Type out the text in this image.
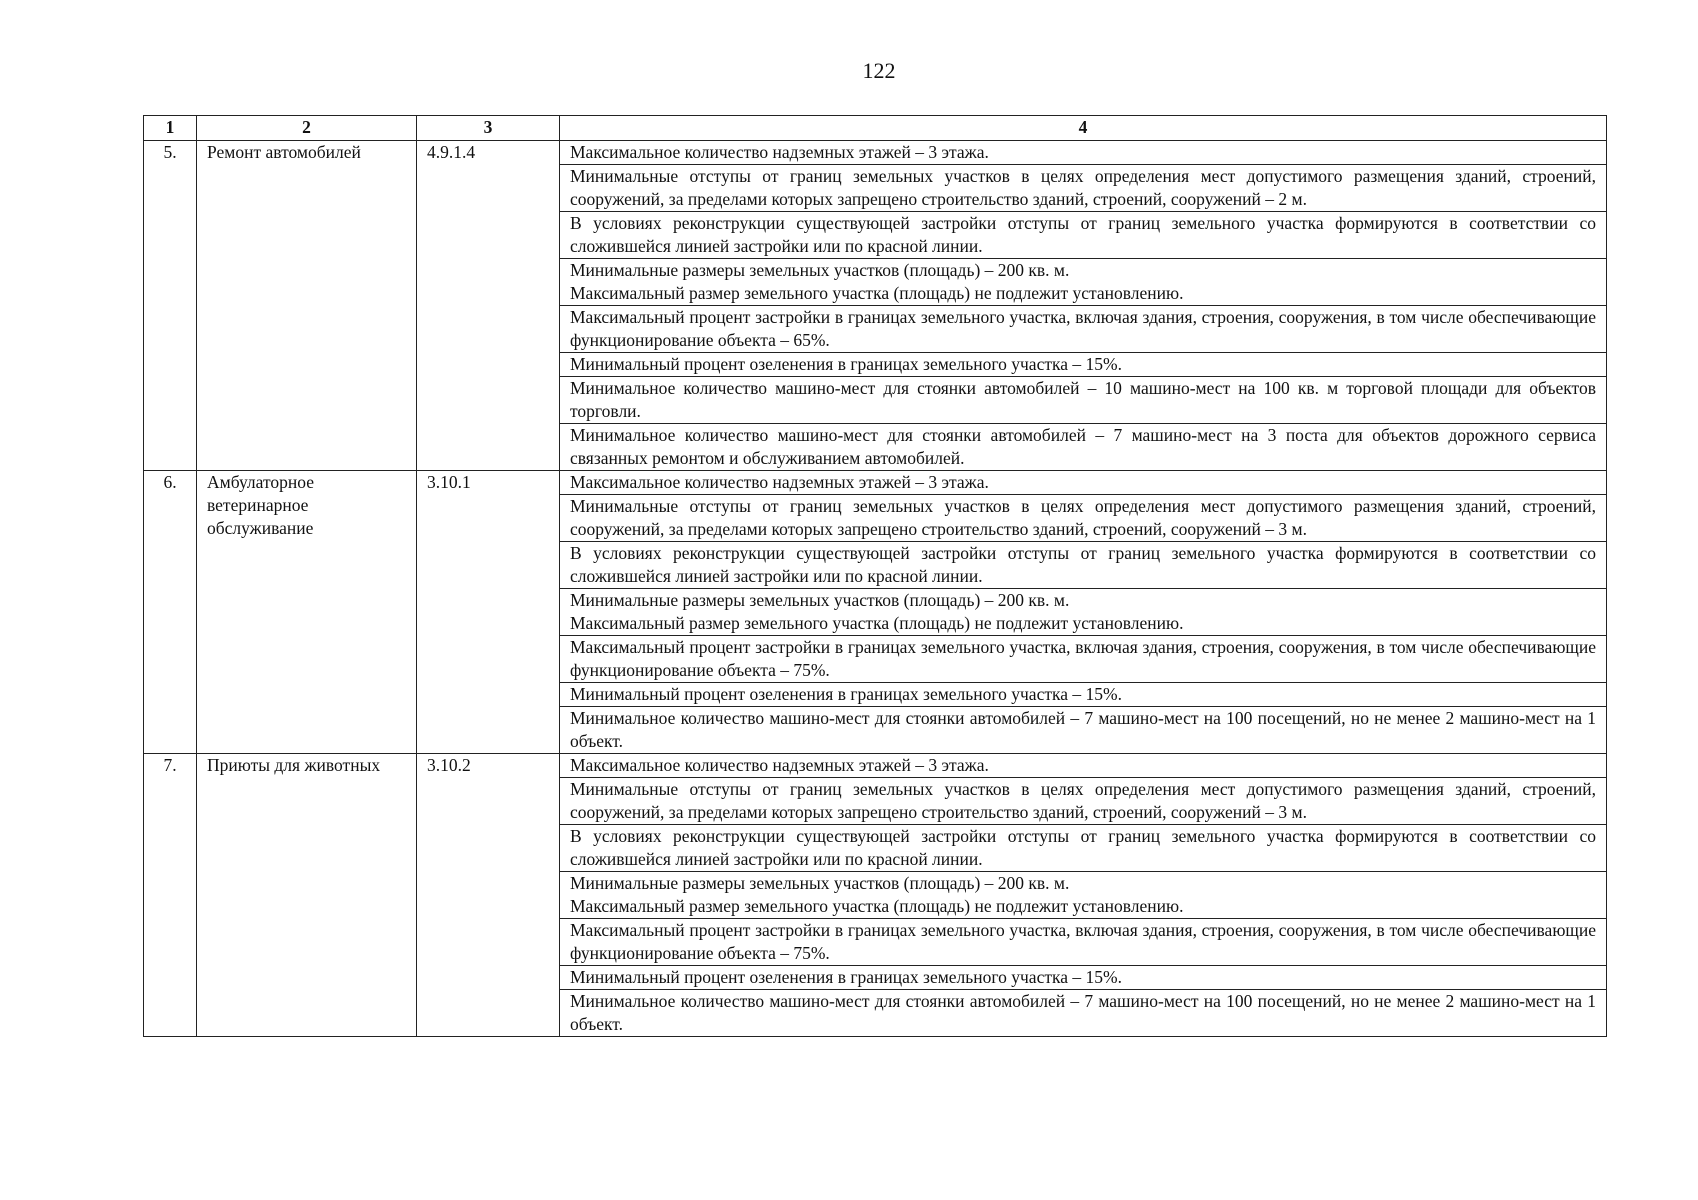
122
1	2	3	4
5.	Ремонт автомобилей	4.9.1.4	Максимальное количество надземных этажей – 3 этажа.

			Минимальные отступы от границ земельных участков в целях определения мест допустимого размещения зданий, строений, сооружений, за пределами которых запрещено строительство зданий, строений, сооружений – 2 м.

			В условиях реконструкции существующей застройки отступы от границ земельного участка формируются в соответствии со сложившейся линией застройки или по красной линии.

			Минимальные размеры земельных участков (площадь) – 200 кв. м.
Максимальный размер земельного участка (площадь) не подлежит установлению.

			Максимальный процент застройки в границах земельного участка, включая здания, строения, сооружения, в том числе обеспечивающие функционирование объекта – 65%.

			Минимальный процент озеленения в границах земельного участка – 15%.

			Минимальное количество машино-мест для стоянки автомобилей – 10 машино-мест на 100 кв. м торговой площади для объектов торговли.

			Минимальное количество машино-мест для стоянки автомобилей – 7 машино-мест на 3 поста для объектов дорожного сервиса связанных ремонтом и обслуживанием автомобилей.

6.	Амбулаторное ветеринарное обслуживание	3.10.1	Максимальное количество надземных этажей – 3 этажа.

			Минимальные отступы от границ земельных участков в целях определения мест допустимого размещения зданий, строений, сооружений, за пределами которых запрещено строительство зданий, строений, сооружений – 3 м.

			В условиях реконструкции существующей застройки отступы от границ земельного участка формируются в соответствии со сложившейся линией застройки или по красной линии.

			Минимальные размеры земельных участков (площадь) – 200 кв. м.
Максимальный размер земельного участка (площадь) не подлежит установлению.

			Максимальный процент застройки в границах земельного участка, включая здания, строения, сооружения, в том числе обеспечивающие функционирование объекта – 75%.

			Минимальный процент озеленения в границах земельного участка – 15%.

			Минимальное количество машино-мест для стоянки автомобилей – 7 машино-мест на 100 посещений, но не менее 2 машино-мест на 1 объект.

7.	Приюты для животных	3.10.2	Максимальное количество надземных этажей – 3 этажа.

			Минимальные отступы от границ земельных участков в целях определения мест допустимого размещения зданий, строений, сооружений, за пределами которых запрещено строительство зданий, строений, сооружений – 3 м.

			В условиях реконструкции существующей застройки отступы от границ земельного участка формируются в соответствии со сложившейся линией застройки или по красной линии.

			Минимальные размеры земельных участков (площадь) – 200 кв. м.
Максимальный размер земельного участка (площадь) не подлежит установлению.

			Максимальный процент застройки в границах земельного участка, включая здания, строения, сооружения, в том числе обеспечивающие функционирование объекта – 75%.

			Минимальный процент озеленения в границах земельного участка – 15%.

			Минимальное количество машино-мест для стоянки автомобилей – 7 машино-мест на 100 посещений, но не менее 2 машино-мест на 1 объект.
